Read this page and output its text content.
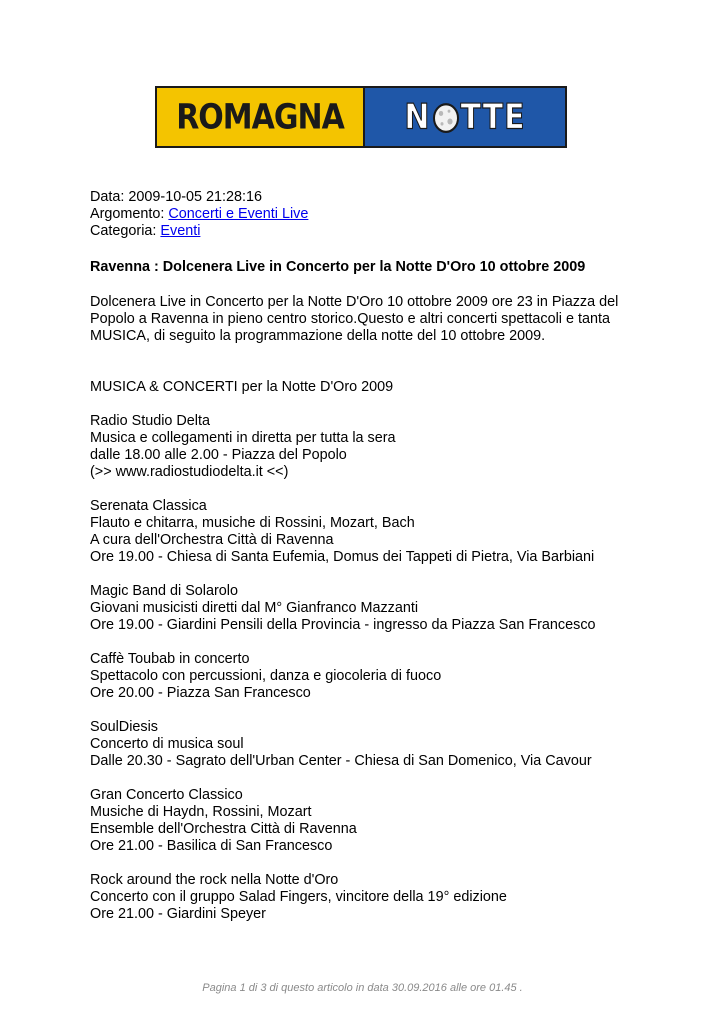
ROMAGNA N TTE

Data: 2009-10-05 21:28:16

Argomento: Concerti e Eventi Live

Categoria: Eventi

Ravenna : Dolcenera Live in Concerto per la Notte D'Oro 10 ottobre 2009

Dolcenera Live in Concerto per la Notte D'Oro 10 ottobre 2009 ore 23 in Piazza del

Popolo a Ravenna in pieno centro storico.Questo e altri concerti spettacoli e tanta

MUSICA, di seguito la programmazione della notte del 10 ottobre 2009.

MUSICA & CONCERTI per la Notte D'Oro 2009

Radio Studio Delta

Musica e collegamenti in diretta per tutta la sera

dalle 18.00 alle 2.00 - Piazza del Popolo

(>> www.radiostudiodelta.it <<)

Serenata Classica

Flauto e chitarra, musiche di Rossini, Mozart, Bach

A cura dell'Orchestra Città di Ravenna

Ore 19.00 - Chiesa di Santa Eufemia, Domus dei Tappeti di Pietra, Via Barbiani

Magic Band di Solarolo

Giovani musicisti diretti dal M° Gianfranco Mazzanti

Ore 19.00 - Giardini Pensili della Provincia - ingresso da Piazza San Francesco

Caffè Toubab in concerto

Spettacolo con percussioni, danza e giocoleria di fuoco

Ore 20.00 - Piazza San Francesco

SoulDiesis

Concerto di musica soul

Dalle 20.30 - Sagrato dell'Urban Center - Chiesa di San Domenico, Via Cavour

Gran Concerto Classico

Musiche di Haydn, Rossini, Mozart

Ensemble dell'Orchestra Città di Ravenna

Ore 21.00 - Basilica di San Francesco

Rock around the rock nella Notte d'Oro

Concerto con il gruppo Salad Fingers, vincitore della 19° edizione

Ore 21.00 - Giardini Speyer

Pagina 1 di 3 di questo articolo in data 30.09.2016 alle ore 01.45 .
